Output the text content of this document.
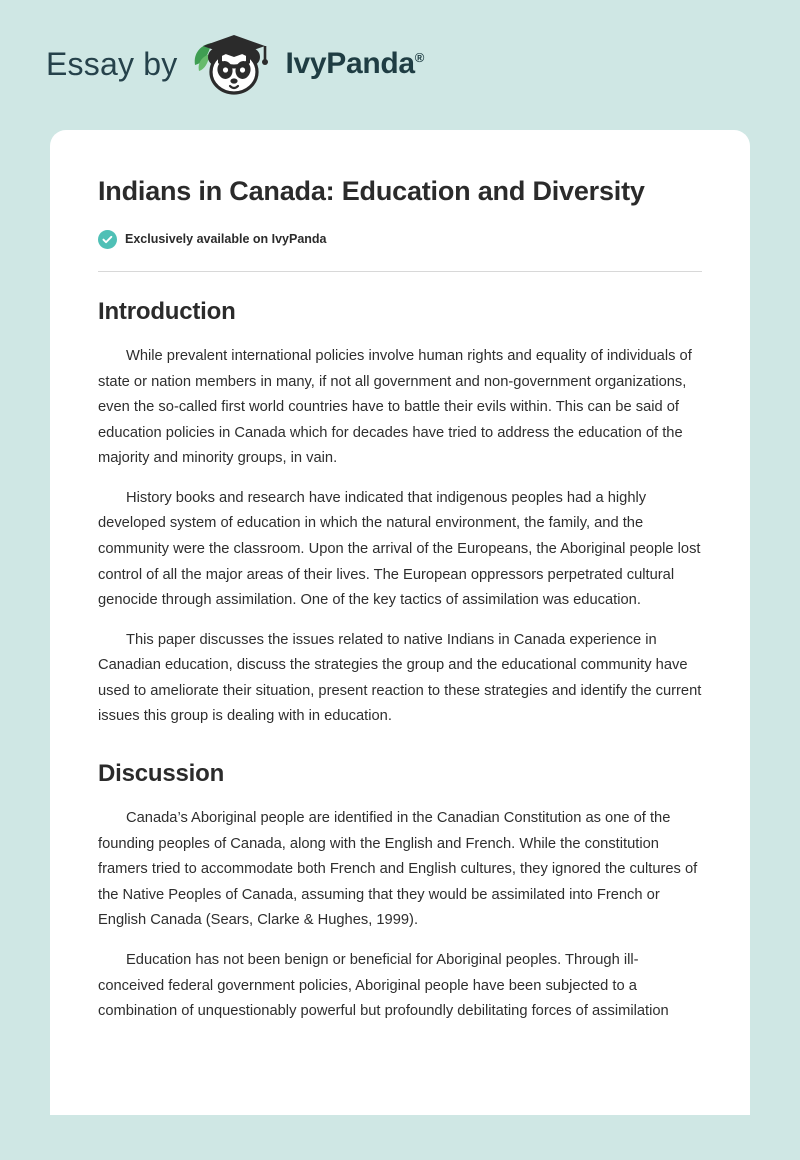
Essay by	IvyPanda®
Indians in Canada: Education and Diversity
Exclusively available on IvyPanda
Introduction

While prevalent international policies involve human rights and equality of individuals of state or nation members in many, if not all government and non-government organizations, even the so-called first world countries have to battle their evils within. This can be said of education policies in Canada which for decades have tried to address the education of the majority and minority groups, in vain.

History books and research have indicated that indigenous peoples had a highly developed system of education in which the natural environment, the family, and the community were the classroom. Upon the arrival of the Europeans, the Aboriginal people lost control of all the major areas of their lives. The European oppressors perpetrated cultural genocide through assimilation. One of the key tactics of assimilation was education.

This paper discusses the issues related to native Indians in Canada experience in Canadian education, discuss the strategies the group and the educational community have used to ameliorate their situation, present reaction to these strategies and identify the current issues this group is dealing with in education.

Discussion

Canada’s Aboriginal people are identified in the Canadian Constitution as one of the founding peoples of Canada, along with the English and French. While the constitution framers tried to accommodate both French and English cultures, they ignored the cultures of the Native Peoples of Canada, assuming that they would be assimilated into French or English Canada (Sears, Clarke & Hughes, 1999).

Education has not been benign or beneficial for Aboriginal peoples. Through ill-conceived federal government policies, Aboriginal people have been subjected to a combination of unquestionably powerful but profoundly debilitating forces of assimilation
